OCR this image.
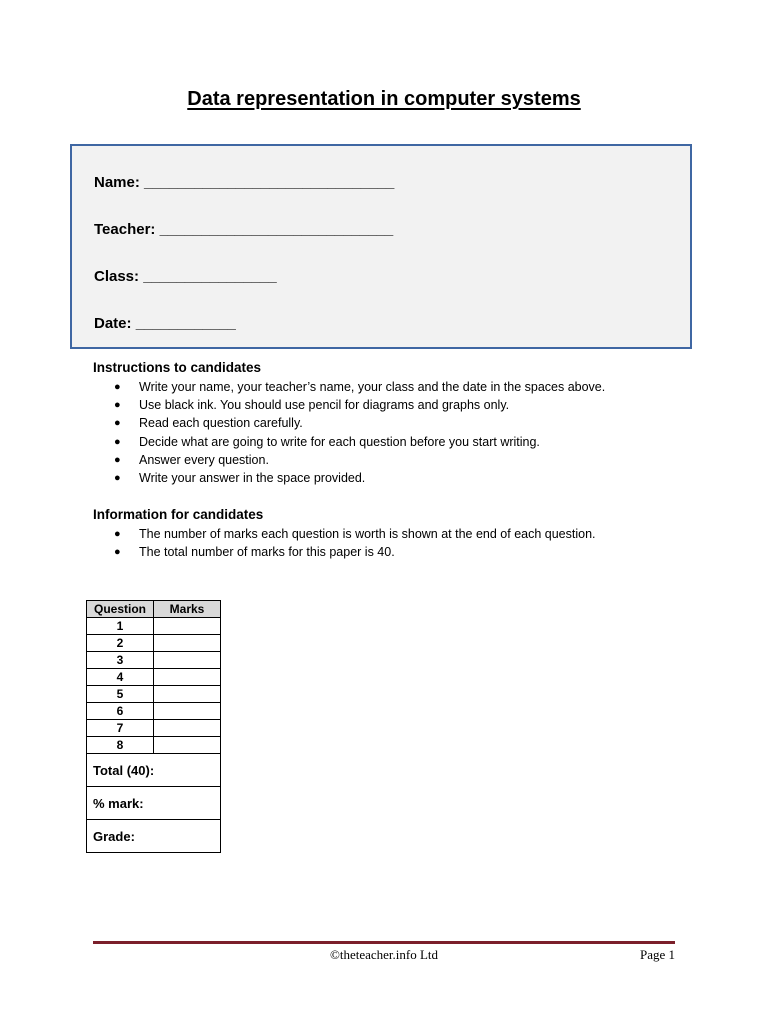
Data representation in computer systems
Name: ______________________________
Teacher: ____________________________
Class: ________________
Date: ____________
Instructions to candidates
● Write your name, your teacher’s name, your class and the date in the spaces above.
● Use black ink. You should use pencil for diagrams and graphs only.
● Read each question carefully.
● Decide what are going to write for each question before you start writing.
● Answer every question.
● Write your answer in the space provided.
Information for candidates
● The number of marks each question is worth is shown at the end of each question.
● The total number of marks for this paper is 40.
Question	Marks
1	
2	
3	
4	
5	
6	
7	
8	
Total (40):	
% mark:	
Grade:	
©theteacher.info Ltd	Page 1
